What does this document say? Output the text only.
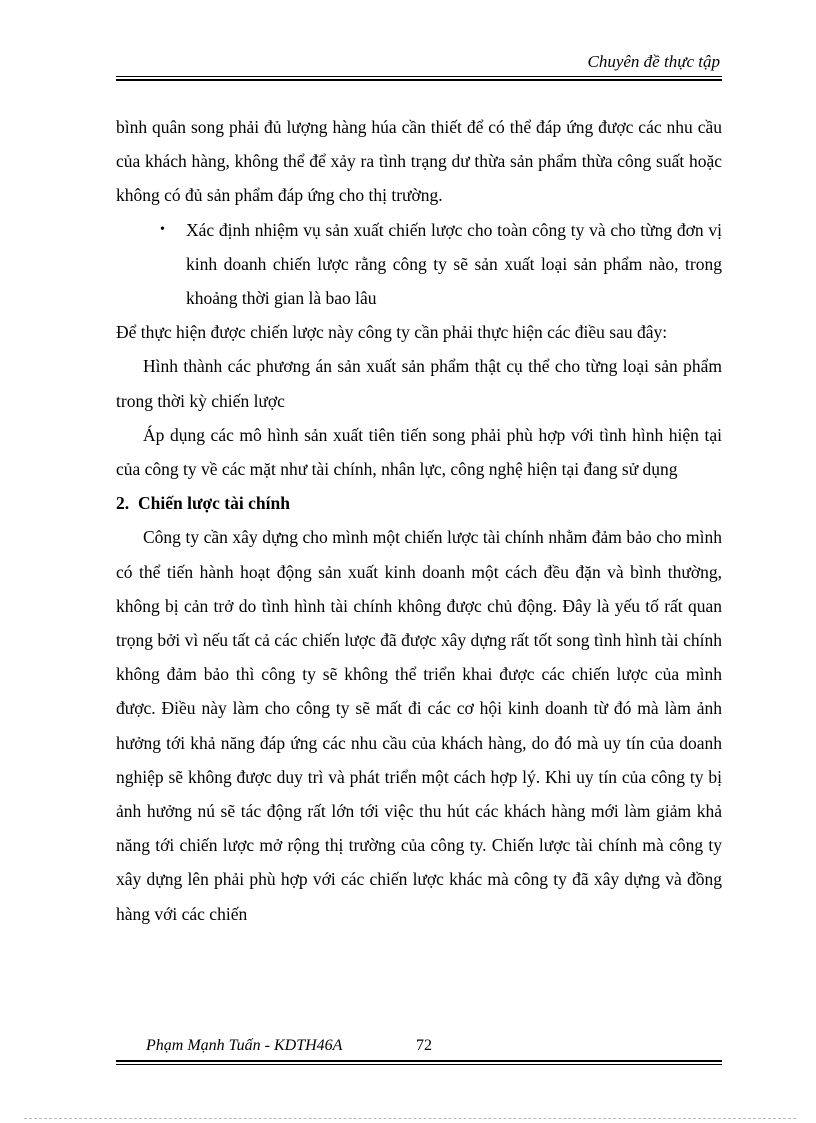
Chuyên đề thực tập

bình quân song phải đủ lượng hàng húa cần thiết để có thể đáp ứng được các nhu cầu của khách hàng, không thể để xảy ra tình trạng dư thừa sản phẩm thừa công suất hoặc không có đủ sản phẩm đáp ứng cho thị trường.

•	Xác định nhiệm vụ sản xuất chiến lược cho toàn công ty và cho từng đơn vị kinh doanh chiến lược rằng công ty sẽ sản xuất loại sản phẩm nào, trong khoảng thời gian là bao lâu

Để thực hiện được chiến lược này công ty cần phải thực hiện các điều sau đây:

Hình thành các phương án sản xuất sản phẩm thật cụ thể cho từng loại sản phẩm trong thời kỳ chiến lược

Áp dụng các mô hình sản xuất tiên tiến song phải phù hợp với tình hình hiện tại của công ty về các mặt như tài chính, nhân lực, công nghệ hiện tại đang sử dụng

2. Chiến lược tài chính

Công ty cần xây dựng cho mình một chiến lược tài chính nhằm đảm bảo cho mình có thể tiến hành hoạt động sản xuất kinh doanh một cách đều đặn và bình thường, không bị cản trở do tình hình tài chính không được chủ động. Đây là yếu tố rất quan trọng bởi vì nếu tất cả các chiến lược đã được xây dựng rất tốt song tình hình tài chính không đảm bảo thì công ty sẽ không thể triển khai được các chiến lược của mình được. Điều này làm cho công ty sẽ mất đi các cơ hội kinh doanh từ đó mà làm ảnh hưởng tới khả năng đáp ứng các nhu cầu của khách hàng, do đó mà uy tín của doanh nghiệp sẽ không được duy trì và phát triển một cách hợp lý. Khi uy tín của công ty bị ảnh hưởng nú sẽ tác động rất lớn tới việc thu hút các khách hàng mới làm giảm khả năng tới chiến lược mở rộng thị trường của công ty. Chiến lược tài chính mà công ty xây dựng lên phải phù hợp với các chiến lược khác mà công ty đã xây dựng và đồng hàng với các chiến

Phạm Mạnh Tuấn - KDTH46A	72
